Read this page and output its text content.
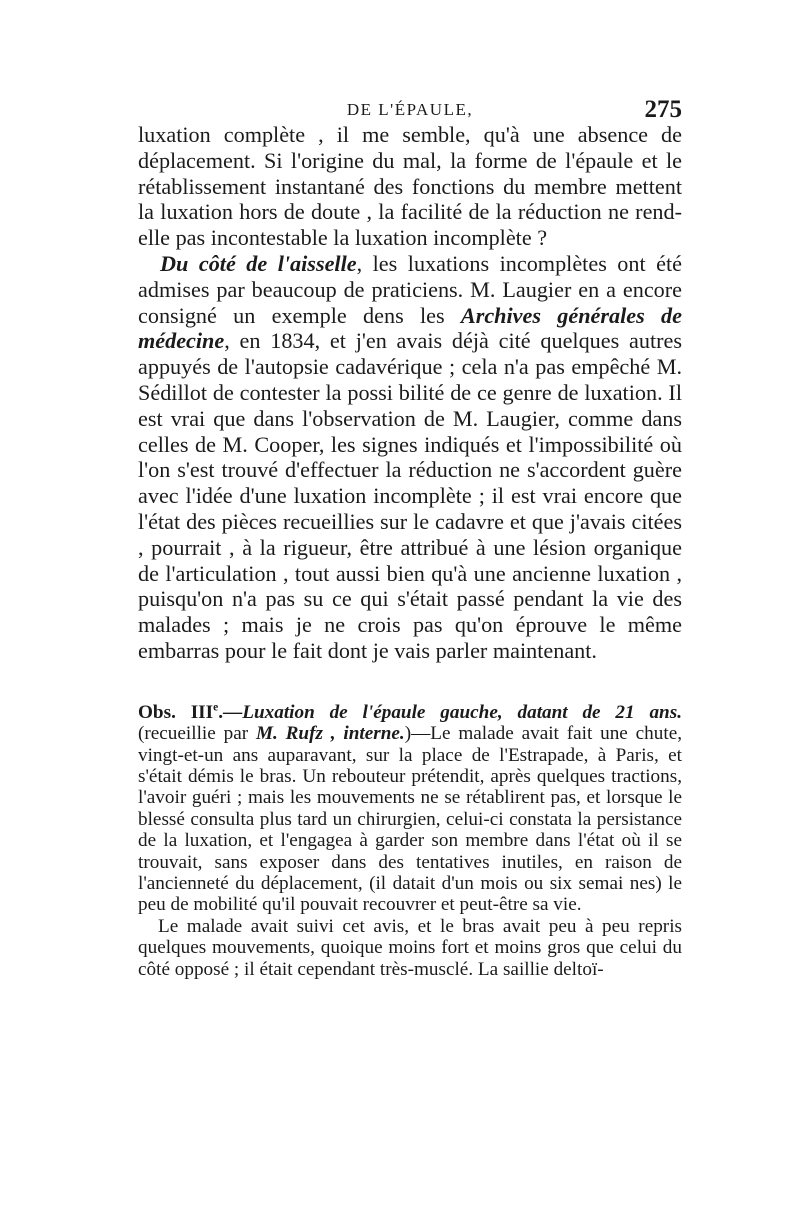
DE L'ÉPAULE,	275

luxation complète , il me semble, qu'à une absence de déplacement. Si l'origine du mal, la forme de l'épaule et le rétablissement instantané des fonctions du membre mettent la luxation hors de doute , la facilité de la réduction ne rend-elle pas incontestable la luxation incomplète ?

Du côté de l'aisselle, les luxations incomplètes ont été admises par beaucoup de praticiens. M. Laugier en a encore consigné un exemple dens les Archives générales de médecine, en 1834, et j'en avais déjà cité quelques autres appuyés de l'autopsie cadavérique ; cela n'a pas empêché M. Sédillot de contester la possi bilité de ce genre de luxation. Il est vrai que dans l'observation de M. Laugier, comme dans celles de M. Cooper, les signes indiqués et l'impossibilité où l'on s'est trouvé d'effectuer la réduction ne s'accordent guère avec l'idée d'une luxation incomplète ; il est vrai encore que l'état des pièces recueillies sur le cadavre et que j'avais citées , pourrait , à la rigueur, être attribué à une lésion organique de l'articulation , tout aussi bien qu'à une ancienne luxation , puisqu'on n'a pas su ce qui s'était passé pendant la vie des malades ; mais je ne crois pas qu'on éprouve le même embarras pour le fait dont je vais parler maintenant.

Obs. IIIe.—Luxation de l'épaule gauche, datant de 21 ans. (recueillie par M. Rufz , interne.)—Le malade avait fait une chute, vingt-et-un ans auparavant, sur la place de l'Estrapade, à Paris, et s'était démis le bras. Un rebouteur prétendit, après quelques tractions, l'avoir guéri ; mais les mouvements ne se rétablirent pas, et lorsque le blessé consulta plus tard un chirurgien, celui-ci constata la persistance de la luxation, et l'engagea à garder son membre dans l'état où il se trouvait, sans exposer dans des tentatives inutiles, en raison de l'ancienneté du déplacement, (il datait d'un mois ou six semai nes) le peu de mobilité qu'il pouvait recouvrer et peut-être sa vie.

Le malade avait suivi cet avis, et le bras avait peu à peu repris quelques mouvements, quoique moins fort et moins gros que celui du côté opposé ; il était cependant très-musclé. La saillie deltoï-
